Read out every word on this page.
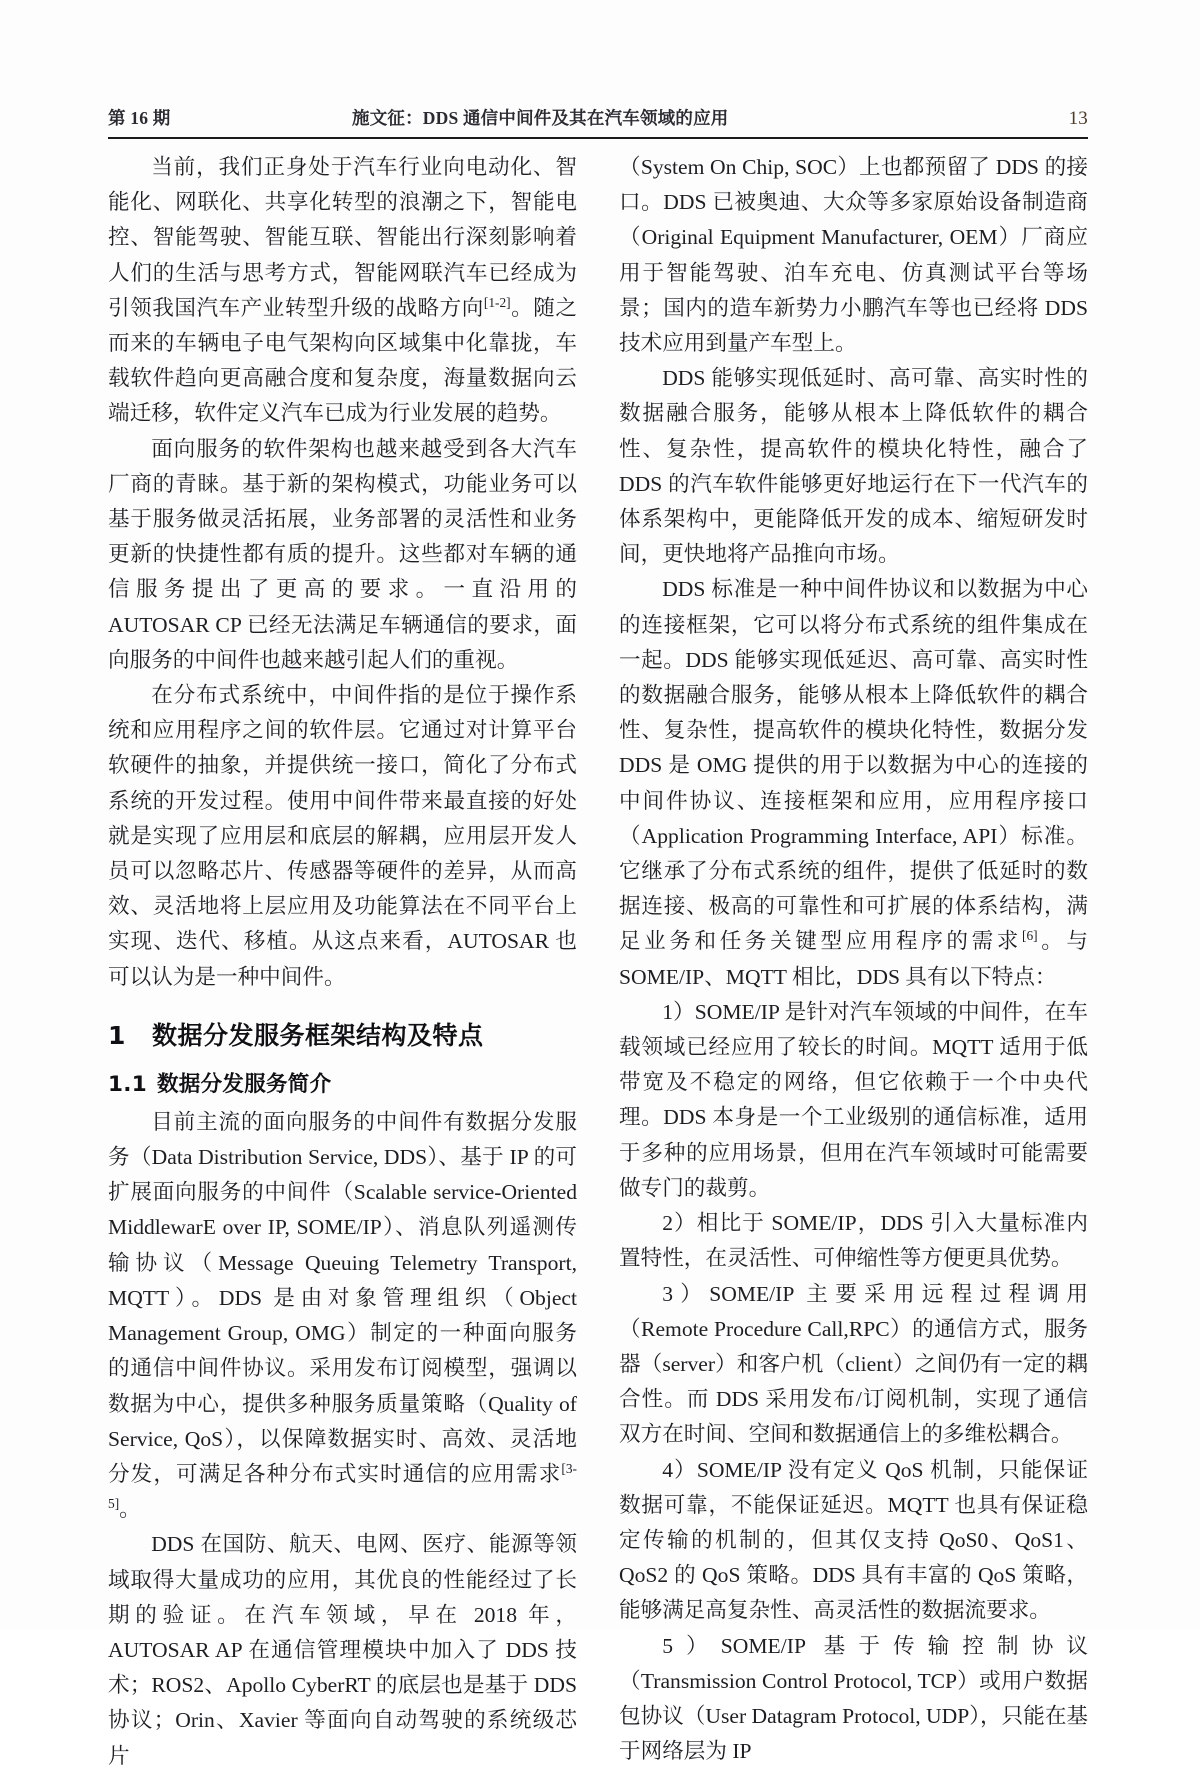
第 16 期	施文征：DDS 通信中间件及其在汽车领域的应用	13

当前，我们正身处于汽车行业向电动化、智能化、网联化、共享化转型的浪潮之下，智能电控、智能驾驶、智能互联、智能出行深刻影响着人们的生活与思考方式，智能网联汽车已经成为引领我国汽车产业转型升级的战略方向[1-2]。随之而来的车辆电子电气架构向区域集中化靠拢，车载软件趋向更高融合度和复杂度，海量数据向云端迁移，软件定义汽车已成为行业发展的趋势。

面向服务的软件架构也越来越受到各大汽车厂商的青睐。基于新的架构模式，功能业务可以基于服务做灵活拓展，业务部署的灵活性和业务更新的快捷性都有质的提升。这些都对车辆的通信服务提出了更高的要求。一直沿用的 AUTOSAR CP 已经无法满足车辆通信的要求，面向服务的中间件也越来越引起人们的重视。

在分布式系统中，中间件指的是位于操作系统和应用程序之间的软件层。它通过对计算平台软硬件的抽象，并提供统一接口，简化了分布式系统的开发过程。使用中间件带来最直接的好处就是实现了应用层和底层的解耦，应用层开发人员可以忽略芯片、传感器等硬件的差异，从而高效、灵活地将上层应用及功能算法在不同平台上实现、迭代、移植。从这点来看，AUTOSAR 也可以认为是一种中间件。

1 数据分发服务框架结构及特点
1.1 数据分发服务简介

目前主流的面向服务的中间件有数据分发服务（Data Distribution Service, DDS）、基于 IP 的可扩展面向服务的中间件（Scalable service-Oriented MiddlewarE over IP, SOME/IP）、消息队列遥测传输协议（Message Queuing Telemetry Transport, MQTT）。DDS 是由对象管理组织（Object Management Group, OMG）制定的一种面向服务的通信中间件协议。采用发布订阅模型，强调以数据为中心，提供多种服务质量策略（Quality of Service, QoS），以保障数据实时、高效、灵活地分发，可满足各种分布式实时通信的应用需求[3-5]。

DDS 在国防、航天、电网、医疗、能源等领域取得大量成功的应用，其优良的性能经过了长期的验证。在汽车领域，早在 2018 年，AUTOSAR AP 在通信管理模块中加入了 DDS 技术；ROS2、Apollo CyberRT 的底层也是基于 DDS 协议；Orin、Xavier 等面向自动驾驶的系统级芯片

（System On Chip, SOC）上也都预留了 DDS 的接口。DDS 已被奥迪、大众等多家原始设备制造商（Original Equipment Manufacturer, OEM）厂商应用于智能驾驶、泊车充电、仿真测试平台等场景；国内的造车新势力小鹏汽车等也已经将 DDS 技术应用到量产车型上。

DDS 能够实现低延时、高可靠、高实时性的数据融合服务，能够从根本上降低软件的耦合性、复杂性，提高软件的模块化特性，融合了 DDS 的汽车软件能够更好地运行在下一代汽车的体系架构中，更能降低开发的成本、缩短研发时间，更快地将产品推向市场。

DDS 标准是一种中间件协议和以数据为中心的连接框架，它可以将分布式系统的组件集成在一起。DDS 能够实现低延迟、高可靠、高实时性的数据融合服务，能够从根本上降低软件的耦合性、复杂性，提高软件的模块化特性，数据分发 DDS 是 OMG 提供的用于以数据为中心的连接的中间件协议、连接框架和应用，应用程序接口（Application Programming Interface, API）标准。它继承了分布式系统的组件，提供了低延时的数据连接、极高的可靠性和可扩展的体系结构，满足业务和任务关键型应用程序的需求[6]。与 SOME/IP、MQTT 相比，DDS 具有以下特点：

1）SOME/IP 是针对汽车领域的中间件，在车载领域已经应用了较长的时间。MQTT 适用于低带宽及不稳定的网络，但它依赖于一个中央代理。DDS 本身是一个工业级别的通信标准，适用于多种的应用场景，但用在汽车领域时可能需要做专门的裁剪。

2）相比于 SOME/IP，DDS 引入大量标准内置特性，在灵活性、可伸缩性等方便更具优势。

3）SOME/IP 主要采用远程过程调用（Remote Procedure Call,RPC）的通信方式，服务器（server）和客户机（client）之间仍有一定的耦合性。而 DDS 采用发布/订阅机制，实现了通信双方在时间、空间和数据通信上的多维松耦合。

4）SOME/IP 没有定义 QoS 机制，只能保证数据可靠，不能保证延迟。MQTT 也具有保证稳定传输的机制的，但其仅支持 QoS0、QoS1、QoS2 的 QoS 策略。DDS 具有丰富的 QoS 策略，能够满足高复杂性、高灵活性的数据流要求。

5）SOME/IP 基于传输控制协议（Transmission Control Protocol, TCP）或用户数据包协议（User Datagram Protocol, UDP），只能在基于网络层为 IP
